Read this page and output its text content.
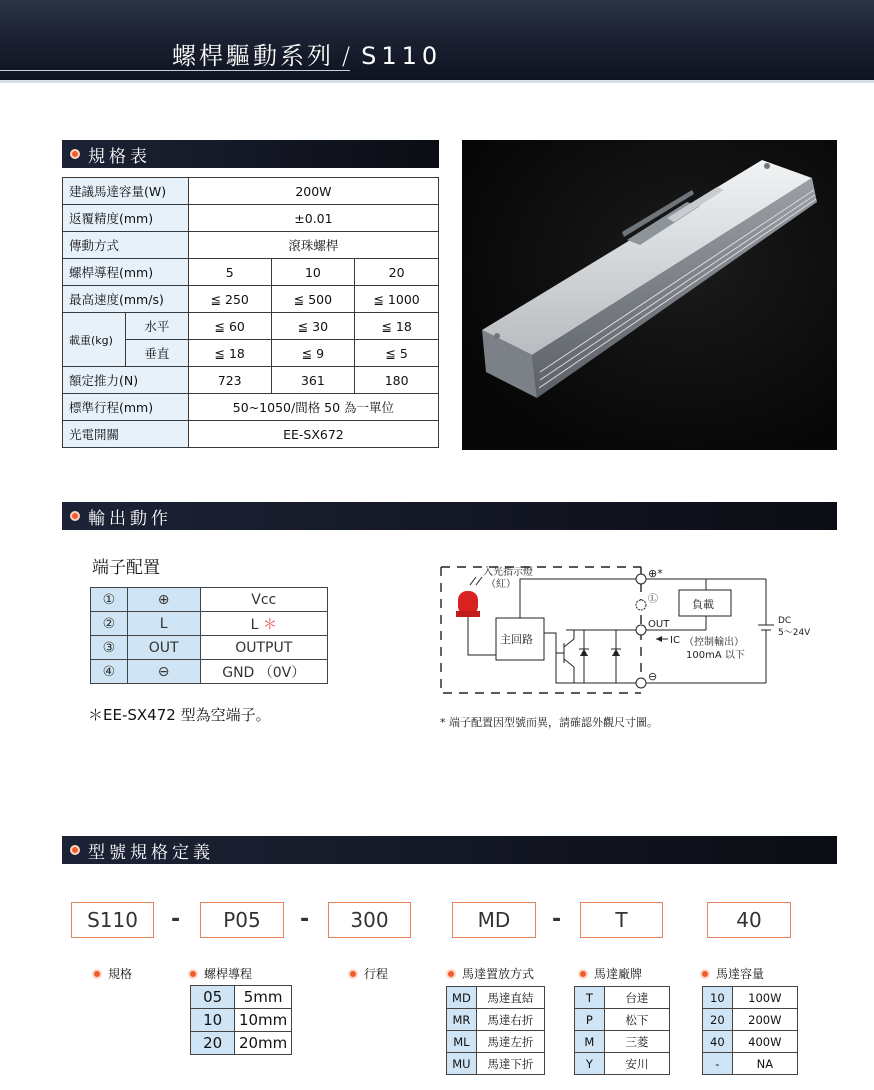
螺桿驅動系列 / S110
規格表
建議馬達容量(W)		200W		
返覆精度(mm)		±0.01		
傳動方式		滾珠螺桿		
螺桿導程(mm)		5	10	20
最高速度(mm/s)		≦ 250	≦ 500	≦ 1000
載重(kg)	水平	≦ 60	≦ 30	≦ 18
	垂直	≦ 18	≦ 9	≦ 5
額定推力(N)		723	361	180
標準行程(mm)		50~1050/間格 50 為一單位		
光電開關		EE-SX672		
輸出動作
端子配置
①	⊕	Vcc
②	L	L ＊
③	OUT	OUTPUT
④	⊖	GND （0V）
＊EE-SX472 型為空端子。
入光指示燈
（紅）
主回路
⊕*
Ⓛ
OUT
⊖
負載
IC （控制輸出）
100mA 以下
DC
5～24V
* 端子配置因型號而異，請確認外觀尺寸圖。
型號規格定義
S110	-	P05	-	300	MD	-	T	40
規格	螺桿導程	行程	馬達置放方式	馬達廠牌	馬達容量
05	5mm
10	10mm
20	20mm
MD	馬達直結
MR	馬達右折
ML	馬達左折
MU	馬達下折
T	台達
P	松下
M	三菱
Y	安川
10	100W
20	200W
40	400W
-	NA
